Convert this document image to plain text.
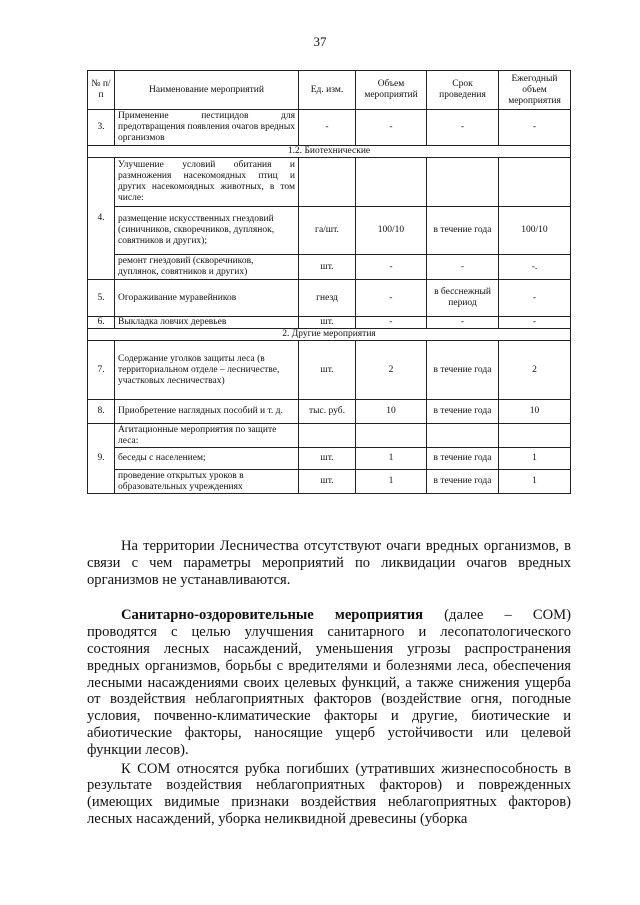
37
№ п/п	Наименование мероприятий	Ед. изм.	Объем мероприятий	Срок проведения	Ежегодный объем мероприятия
3.	Применение пестицидов для предотвращения появления очагов вредных организмов	-	-	-	-
1.2. Биотехнические					
4.	Улучшение условий обитания и размножения насекомоядных птиц и других насекомоядных животных, в том числе:				
	размещение искусственных гнездовий (синичников, скворечников, дуплянок, совятников и других);	га/шт.	100/10	в течение года	100/10
	ремонт гнездовий (скворечников, дуплянок, совятников и других)	шт.	-	-	-.
5.	Огораживание муравейников	гнезд	-	в бесснежный период	-
6.	Выкладка ловчих деревьев	шт.	-	-	-
2. Другие мероприятия					
7.	Содержание уголков защиты леса (в территориальном отделе – лесничестве, участковых лесничествах)	шт.	2	в течение года	2
8.	Приобретение наглядных пособий и т. д.	тыс. руб.	10	в течение года	10
9.	Агитационные мероприятия по защите леса:				
	беседы с населением;	шт.	1	в течение года	1
	проведение открытых уроков в образовательных учреждениях	шт.	1	в течение года	1

На территории Лесничества отсутствуют очаги вредных организмов, в связи с чем параметры мероприятий по ликвидации очагов вредных организмов не устанавливаются.

Санитарно-оздоровительные мероприятия (далее – СОМ) проводятся с целью улучшения санитарного и лесопатологического состояния лесных насаждений, уменьшения угрозы распространения вредных организмов, борьбы с вредителями и болезнями леса, обеспечения лесными насаждениями своих целевых функций, а также снижения ущерба от воздействия неблагоприятных факторов (воздействие огня, погодные условия, почвенно-климатические факторы и другие, биотические и абиотические факторы, наносящие ущерб устойчивости или целевой функции лесов).

К СОМ относятся рубка погибших (утративших жизнеспособность в результате воздействия неблагоприятных факторов) и поврежденных (имеющих видимые признаки воздействия неблагоприятных факторов) лесных насаждений, уборка неликвидной древесины (уборка
